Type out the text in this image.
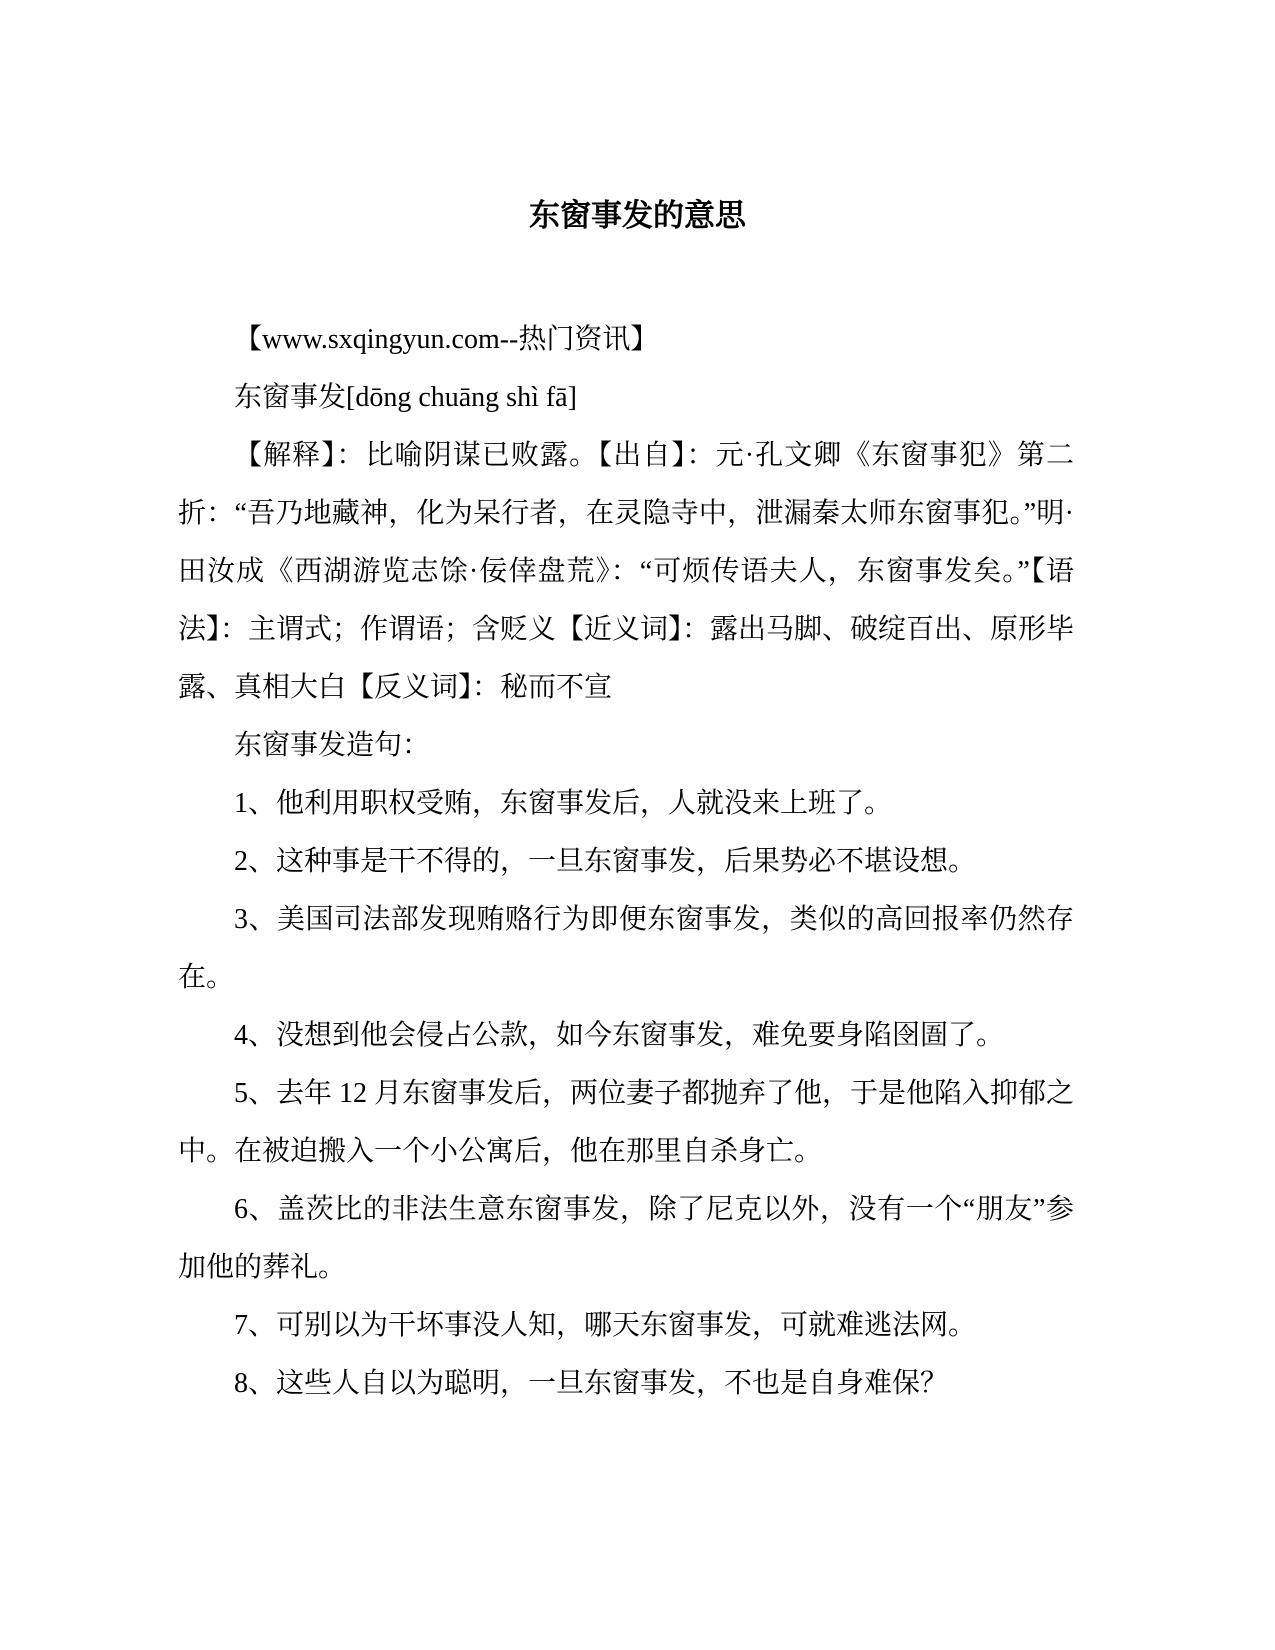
东窗事发的意思

【www.sxqingyun.com--热门资讯】

东窗事发[dōng chuāng shì fā]

【解释】：比喻阴谋已败露。【出自】：元·孔文卿《东窗事犯》第二折：“吾乃地藏神，化为呆行者，在灵隐寺中，泄漏秦太师东窗事犯。”明·田汝成《西湖游览志馀·佞倖盘荒》：“可烦传语夫人，东窗事发矣。”【语法】：主谓式；作谓语；含贬义【近义词】：露出马脚、破绽百出、原形毕露、真相大白【反义词】：秘而不宣

东窗事发造句：

1、他利用职权受贿，东窗事发后，人就没来上班了。

2、这种事是干不得的，一旦东窗事发，后果势必不堪设想。

3、美国司法部发现贿赂行为即便东窗事发，类似的高回报率仍然存在。

4、没想到他会侵占公款，如今东窗事发，难免要身陷囹圄了。

5、去年 12 月东窗事发后，两位妻子都抛弃了他，于是他陷入抑郁之中。在被迫搬入一个小公寓后，他在那里自杀身亡。

6、盖茨比的非法生意东窗事发，除了尼克以外，没有一个“朋友”参加他的葬礼。

7、可别以为干坏事没人知，哪天东窗事发，可就难逃法网。

8、这些人自以为聪明，一旦东窗事发，不也是自身难保？
